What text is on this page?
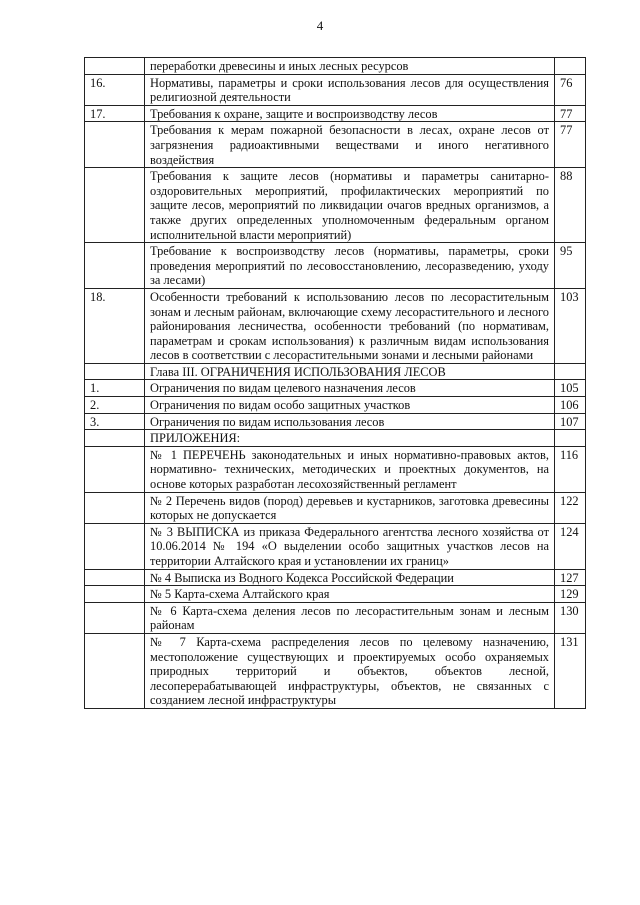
4
	переработки древесины и иных лесных ресурсов	
16.	Нормативы, параметры и сроки использования лесов для осуществления религиозной деятельности	76
17.	Требования к охране, защите и воспроизводству лесов	77
	Требования к мерам пожарной безопасности в лесах, охране лесов от загрязнения радиоактивными веществами и иного негативного воздействия	77
	Требования к защите лесов (нормативы и параметры санитарно-оздоровительных мероприятий, профилактических мероприятий по защите лесов, мероприятий по ликвидации очагов вредных организмов, а также других определенных уполномоченным федеральным органом исполнительной власти мероприятий)	88
	Требование к воспроизводству лесов (нормативы, параметры, сроки проведения мероприятий по лесовосстановлению, лесоразведению, уходу за лесами)	95
18.	Особенности требований к использованию лесов по лесорастительным зонам и лесным районам, включающие схему лесорастительного и лесного районирования лесничества, особенности требований (по нормативам, параметрам и срокам использования) к различным видам использования лесов в соответствии с лесорастительными зонами и лесными районами	103
	Глава III. ОГРАНИЧЕНИЯ ИСПОЛЬЗОВАНИЯ ЛЕСОВ	
1.	Ограничения по видам целевого назначения лесов	105
2.	Ограничения по видам особо защитных участков	106
3.	Ограничения по видам использования лесов	107
	ПРИЛОЖЕНИЯ:	
	№ 1 ПЕРЕЧЕНЬ законодательных и иных нормативно-правовых актов, нормативно- технических, методических и проектных документов, на основе которых разработан лесохозяйственный регламент	116
	№ 2 Перечень видов (пород) деревьев и кустарников, заготовка древесины которых не допускается	122
	№ 3 ВЫПИСКА из приказа Федерального агентства лесного хозяйства от 10.06.2014 № 194 «О выделении особо защитных участков лесов на территории Алтайского края и установлении их границ»	124
	№ 4 Выписка из Водного Кодекса Российской Федерации	127
	№ 5 Карта-схема Алтайского края	129
	№ 6 Карта-схема деления лесов по лесорастительным зонам и лесным районам	130
	№ 7 Карта-схема распределения лесов по целевому назначению, местоположение существующих и проектируемых особо охраняемых природных территорий и объектов, объектов лесной, лесоперерабатывающей инфраструктуры, объектов, не связанных с созданием лесной инфраструктуры	131
